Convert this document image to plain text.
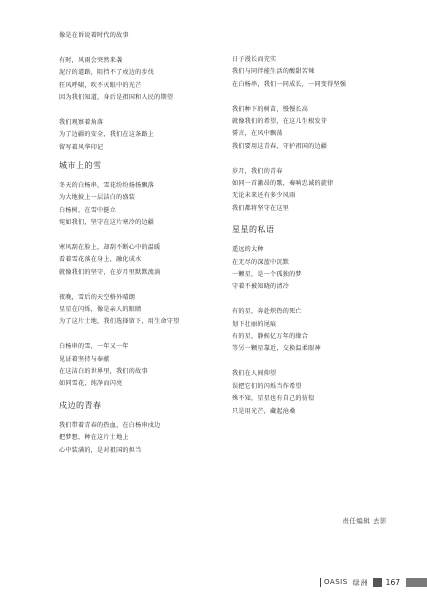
像是在诉说着时代的故事
有时，风雨会突然来袭
泥泞的道路，阻挡不了戍边的步伐
狂风呼啸，吹不灭眼中的光芒
因为我们知道，身后是祖国和人民的期望
我们观察着角落
为了边疆的安全，我们在这条路上
留写着风华印记
城市上的雪
冬天的白杨串，雪花纷纷扬扬飘落
为大地披上一层洁白的盛装
白杨树，在雪中挺立
宛如我们，坚守在这片寒冷的边疆
寒风刮在脸上，却刮不断心中的温暖
看着雪花落在身上，融化成水
就像我们的坚守，在岁月里默默流淌
夜晚，雪后的天空格外晴朗
星星在闪烁，像是亲人的眼睛
为了这片土地，我们选择留下，用生命守望
白杨串的雪，一年又一年
见证着坚持与奉献
在这洁白的世界里，我们的故事
如同雪花，纯净而闪亮
戍边的青春
我们带着青春的热血，在白杨串戍边
把梦想，种在这片土地上
心中装满的，是对祖国的担当
日子漫长而充实
我们与同伴能生活的酸甜苦辣
在白杨串，我们一同成长，一同变得坚强
我们种下的树苗，慢慢长高
就像我们的希望，在这儿生根发芽
誓言，在风中飘荡
我们要用这青春，守护祖国的边疆
岁月，我们的青春
如同一首激昂的歌，奏响忠诚的旋律
无论未来还有多少风雨
我们都将坚守在这里
星星的私语
遥远的大种
在无尽的深蓝中沉默
一颗星，是一个孤独的梦
守着不被知晓的清冷
有的星，奔赴炽热的死亡
划下壮丽的尾痕
有的星，静候亿万年的缘合
等另一颗星靠近，交换温柔眼神
我们在人间仰望
误把它们的闪烁当作希望
殊不知，星星也有自己的彷徨
只是用光芒，藏起沧桑
责任编辑 去影
OASIS 绿洲 167
